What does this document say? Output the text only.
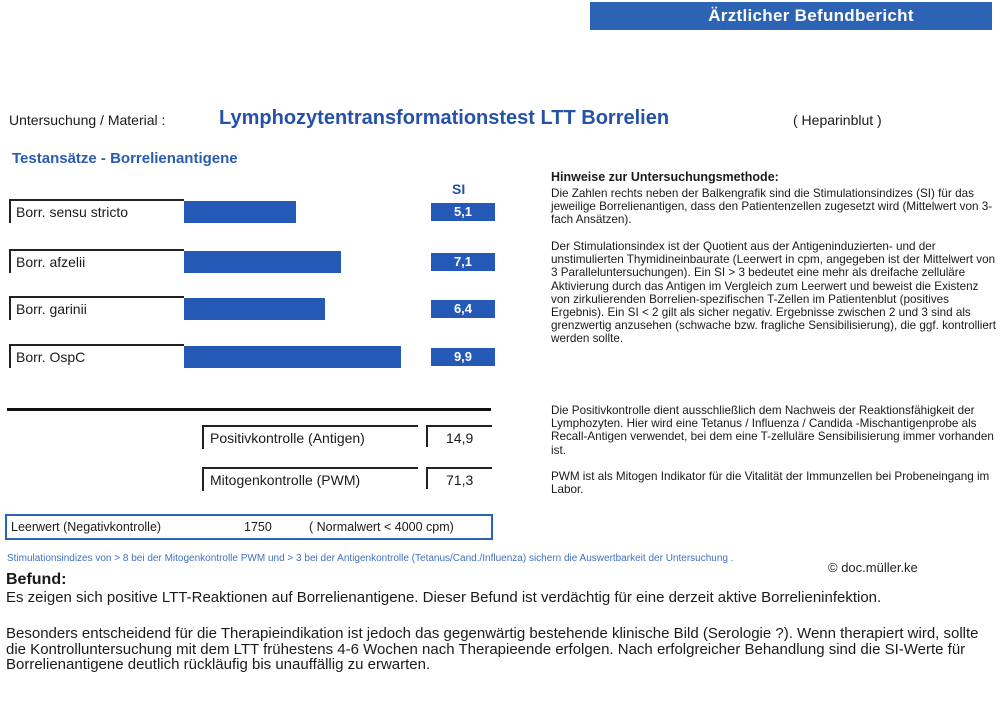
Ärztlicher Befundbericht
Untersuchung / Material :	Lymphozytentransformationstest LTT Borrelien	( Heparinblut )
Testansätze - Borrelienantigene
SI
Borr. sensu stricto	5,1
Borr. afzelii	7,1
Borr. garinii	6,4
Borr. OspC	9,9
Positivkontrolle (Antigen)	14,9
Mitogenkontrolle (PWM)	71,3
Leerwert (Negativkontrolle)	1750	( Normalwert < 4000 cpm)
Hinweise zur Untersuchungsmethode:

Die Zahlen rechts neben der Balkengrafik sind die Stimulationsindizes (SI) für das jeweilige Borrelienantigen, dass den Patientenzellen zugesetzt wird (Mittelwert von 3-fach Ansätzen).

Der Stimulationsindex ist der Quotient aus der Antigeninduzierten- und der unstimulierten Thymidineinbaurate (Leerwert in cpm, angegeben ist der Mittelwert von 3 Paralleluntersuchungen). Ein SI > 3 bedeutet eine mehr als dreifache zelluläre Aktivierung durch das Antigen im Vergleich zum Leerwert und beweist die Existenz von zirkulierenden Borrelien-spezifischen T-Zellen im Patientenblut (positives Ergebnis). Ein SI < 2 gilt als sicher negativ. Ergebnisse zwischen 2 und 3 sind als grenzwertig anzusehen (schwache bzw. fragliche Sensibilisierung), die ggf. kontrolliert werden sollte.

Die Positivkontrolle dient ausschließlich dem Nachweis der Reaktionsfähigkeit der Lymphozyten. Hier wird eine Tetanus / Influenza / Candida -Mischantigenprobe als Recall-Antigen verwendet, bei dem eine T-zelluläre Sensibilisierung immer vorhanden ist.

PWM ist als Mitogen Indikator für die Vitalität der Immunzellen bei Probeneingang im Labor.

Stimulationsindizes von > 8 bei der Mitogenkontrolle PWM und > 3 bei der Antigenkontrolle (Tetanus/Cand./Influenza) sichern die Auswertbarkeit der Untersuchung .
© doc.müller.ke
Befund:

Es zeigen sich positive LTT-Reaktionen auf Borrelienantigene. Dieser Befund ist verdächtig für eine derzeit aktive Borrelieninfektion.

Besonders entscheidend für die Therapieindikation ist jedoch das gegenwärtig bestehende klinische Bild (Serologie ?). Wenn therapiert wird, sollte die Kontrolluntersuchung mit dem LTT frühestens 4-6 Wochen nach Therapieende erfolgen. Nach erfolgreicher Behandlung sind die SI-Werte für Borrelienantigene deutlich rückläufig bis unauffällig zu erwarten.
